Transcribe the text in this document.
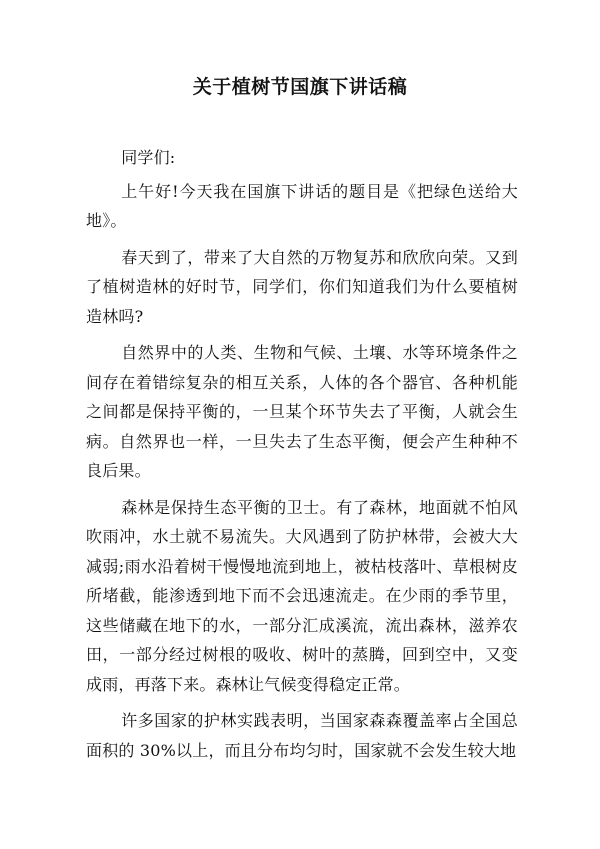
关于植树节国旗下讲话稿

同学们:

上午好!今天我在国旗下讲话的题目是《把绿色送给大地》。

春天到了，带来了大自然的万物复苏和欣欣向荣。又到了植树造林的好时节，同学们，你们知道我们为什么要植树造林吗?

自然界中的人类、生物和气候、土壤、水等环境条件之间存在着错综复杂的相互关系，人体的各个器官、各种机能之间都是保持平衡的，一旦某个环节失去了平衡，人就会生病。自然界也一样，一旦失去了生态平衡，便会产生种种不良后果。

森林是保持生态平衡的卫士。有了森林，地面就不怕风吹雨冲，水土就不易流失。大风遇到了防护林带，会被大大减弱;雨水沿着树干慢慢地流到地上，被枯枝落叶、草根树皮所堵截，能渗透到地下而不会迅速流走。在少雨的季节里，这些储藏在地下的水，一部分汇成溪流，流出森林，滋养农田，一部分经过树根的吸收、树叶的蒸腾，回到空中，又变成雨，再落下来。森林让气候变得稳定正常。

许多国家的护林实践表明，当国家森森覆盖率占全国总面积的 30%以上，而且分布均匀时，国家就不会发生较大地
